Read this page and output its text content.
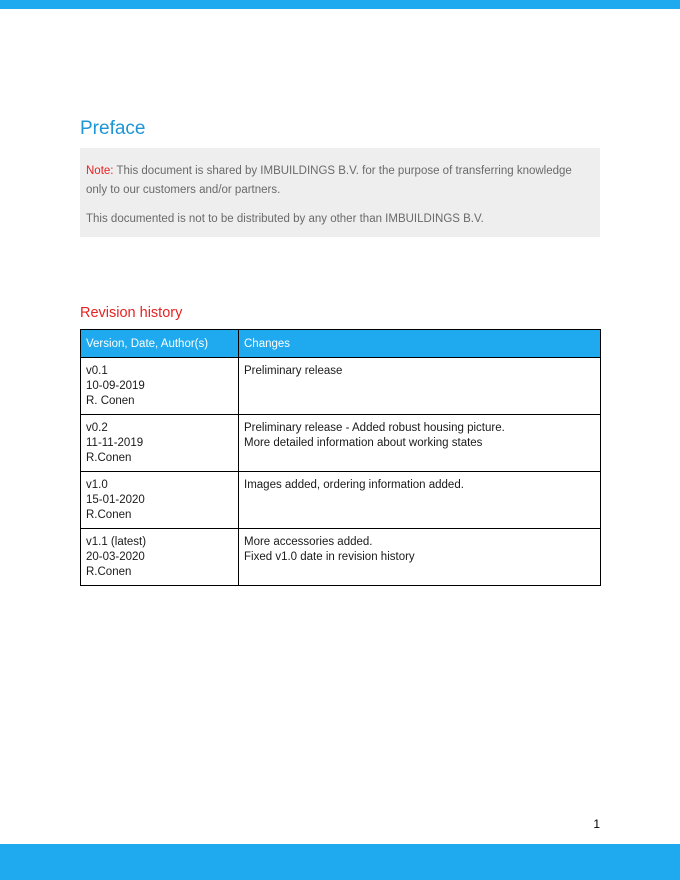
Preface

Note: This document is shared by IMBUILDINGS B.V. for the purpose of transferring knowledge only to our customers and/or partners.

This documented is not to be distributed by any other than IMBUILDINGS B.V.

Revision history
Version, Date, Author(s)	Changes

v0.1
10-09-2019
R. Conen	Preliminary release

v0.2
11-11-2019
R.Conen	Preliminary release - Added robust housing picture.
More detailed information about working states

v1.0
15-01-2020
R.Conen	Images added, ordering information added.

v1.1 (latest)
20-03-2020
R.Conen	More accessories added.
Fixed v1.0 date in revision history
1
